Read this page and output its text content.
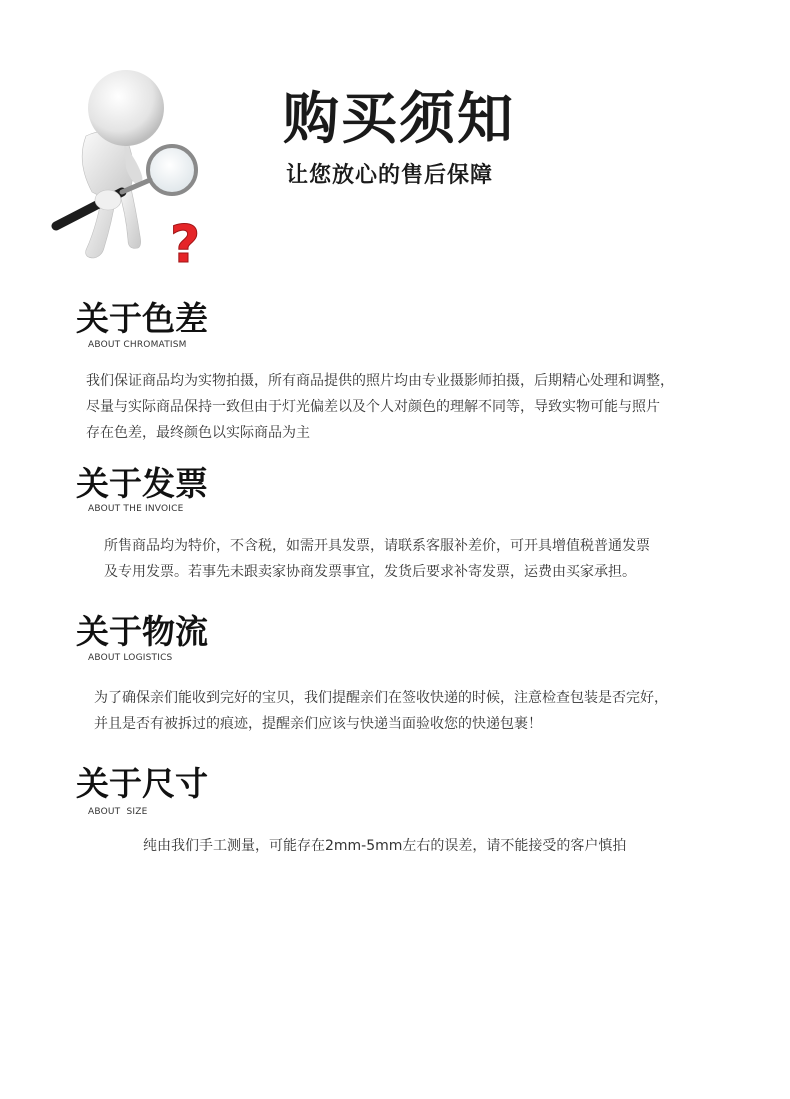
?
购买须知
让您放心的售后保障
关于色差
ABOUT CHROMATISM
我们保证商品均为实物拍摄，所有商品提供的照片均由专业摄影师拍摄，后期精心处理和调整，
尽量与实际商品保持一致但由于灯光偏差以及个人对颜色的理解不同等，导致实物可能与照片
存在色差，最终颜色以实际商品为主
关于发票
ABOUT THE INVOICE
所售商品均为特价，不含税，如需开具发票，请联系客服补差价，可开具增值税普通发票
及专用发票。若事先未跟卖家协商发票事宜，发货后要求补寄发票，运费由买家承担。
关于物流
ABOUT LOGISTICS
为了确保亲们能收到完好的宝贝，我们提醒亲们在签收快递的时候，注意检查包装是否完好，
并且是否有被拆过的痕迹，提醒亲们应该与快递当面验收您的快递包裹！
关于尺寸
ABOUT  SIZE
纯由我们手工测量，可能存在2mm-5mm左右的误差，请不能接受的客户慎拍
